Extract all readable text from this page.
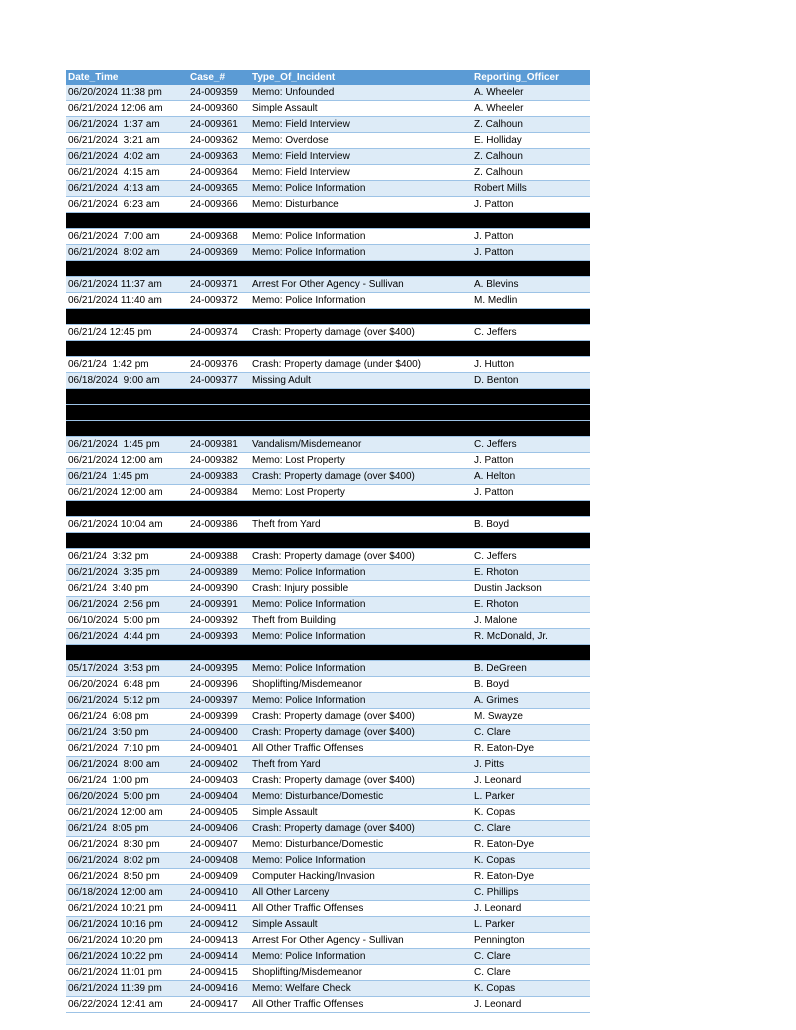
Date_Time	Case_#	Type_Of_Incident	Reporting_Officer
06/20/2024 11:38 pm	24-009359	Memo: Unfounded	A. Wheeler
06/21/2024 12:06 am	24-009360	Simple Assault	A. Wheeler
06/21/2024  1:37 am	24-009361	Memo: Field Interview	Z. Calhoun
06/21/2024  3:21 am	24-009362	Memo: Overdose	E. Holliday
06/21/2024  4:02 am	24-009363	Memo: Field Interview	Z. Calhoun
06/21/2024  4:15 am	24-009364	Memo: Field Interview	Z. Calhoun
06/21/2024  4:13 am	24-009365	Memo: Police Information	Robert Mills
06/21/2024  6:23 am	24-009366	Memo: Disturbance	J. Patton

06/21/2024  7:00 am	24-009368	Memo: Police Information	J. Patton
06/21/2024  8:02 am	24-009369	Memo: Police Information	J. Patton

06/21/2024 11:37 am	24-009371	Arrest For Other Agency - Sullivan	A. Blevins
06/21/2024 11:40 am	24-009372	Memo: Police Information	M. Medlin

06/21/24 12:45 pm	24-009374	Crash: Property damage (over $400)	C. Jeffers

06/21/24  1:42 pm	24-009376	Crash: Property damage (under $400)	J. Hutton
06/18/2024  9:00 am	24-009377	Missing Adult	D. Benton

06/21/2024  1:45 pm	24-009381	Vandalism/Misdemeanor	C. Jeffers
06/21/2024 12:00 am	24-009382	Memo: Lost Property	J. Patton
06/21/24  1:45 pm	24-009383	Crash: Property damage (over $400)	A. Helton
06/21/2024 12:00 am	24-009384	Memo: Lost Property	J. Patton

06/21/2024 10:04 am	24-009386	Theft from Yard	B. Boyd

06/21/24  3:32 pm	24-009388	Crash: Property damage (over $400)	C. Jeffers
06/21/2024  3:35 pm	24-009389	Memo: Police Information	E. Rhoton
06/21/24  3:40 pm	24-009390	Crash: Injury possible	Dustin Jackson
06/21/2024  2:56 pm	24-009391	Memo: Police Information	E. Rhoton
06/10/2024  5:00 pm	24-009392	Theft from Building	J. Malone
06/21/2024  4:44 pm	24-009393	Memo: Police Information	R. McDonald, Jr.

05/17/2024  3:53 pm	24-009395	Memo: Police Information	B. DeGreen
06/20/2024  6:48 pm	24-009396	Shoplifting/Misdemeanor	B. Boyd
06/21/2024  5:12 pm	24-009397	Memo: Police Information	A. Grimes
06/21/24  6:08 pm	24-009399	Crash: Property damage (over $400)	M. Swayze
06/21/24  3:50 pm	24-009400	Crash: Property damage (over $400)	C. Clare
06/21/2024  7:10 pm	24-009401	All Other Traffic Offenses	R. Eaton-Dye
06/21/2024  8:00 am	24-009402	Theft from Yard	J. Pitts
06/21/24  1:00 pm	24-009403	Crash: Property damage (over $400)	J. Leonard
06/20/2024  5:00 pm	24-009404	Memo: Disturbance/Domestic	L. Parker
06/21/2024 12:00 am	24-009405	Simple Assault	K. Copas
06/21/24  8:05 pm	24-009406	Crash: Property damage (over $400)	C. Clare
06/21/2024  8:30 pm	24-009407	Memo: Disturbance/Domestic	R. Eaton-Dye
06/21/2024  8:02 pm	24-009408	Memo: Police Information	K. Copas
06/21/2024  8:50 pm	24-009409	Computer Hacking/Invasion	R. Eaton-Dye
06/18/2024 12:00 am	24-009410	All Other Larceny	C. Phillips
06/21/2024 10:21 pm	24-009411	All Other Traffic Offenses	J. Leonard
06/21/2024 10:16 pm	24-009412	Simple Assault	L. Parker
06/21/2024 10:20 pm	24-009413	Arrest For Other Agency - Sullivan	Pennington
06/21/2024 10:22 pm	24-009414	Memo: Police Information	C. Clare
06/21/2024 11:01 pm	24-009415	Shoplifting/Misdemeanor	C. Clare
06/21/2024 11:39 pm	24-009416	Memo: Welfare Check	K. Copas
06/22/2024 12:41 am	24-009417	All Other Traffic Offenses	J. Leonard
